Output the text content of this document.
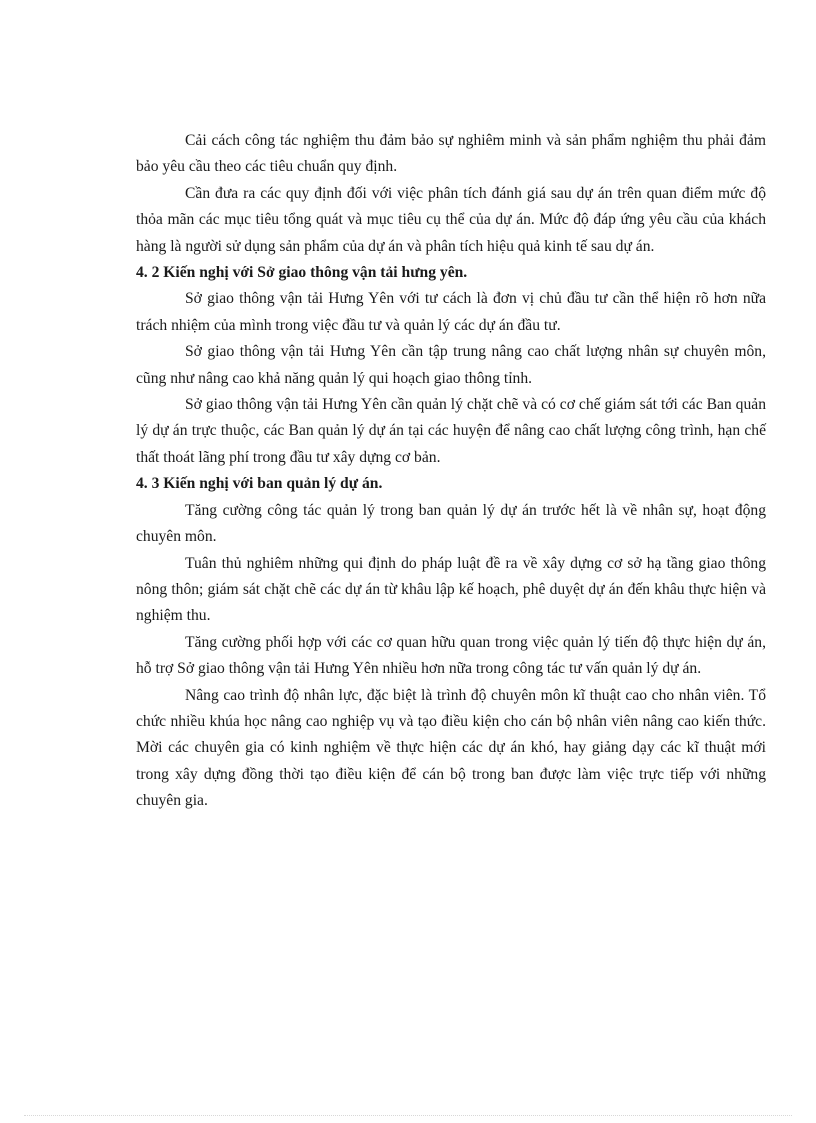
Cải cách công tác nghiệm thu đảm bảo sự nghiêm minh và sản phẩm nghiệm thu phải đảm bảo yêu cầu theo các tiêu chuẩn quy định.

Cần đưa ra các quy định đối với việc phân tích đánh giá sau dự án trên quan điểm mức độ thỏa mãn các mục tiêu tổng quát và mục tiêu cụ thể của dự án. Mức độ đáp ứng yêu cầu của khách hàng là người sử dụng sản phẩm của dự án và phân tích hiệu quả kinh tế sau dự án.

4. 2 Kiến nghị với Sở giao thông vận tải hưng yên.

Sở giao thông vận tải Hưng Yên với tư cách là đơn vị chủ đầu tư cần thể hiện rõ hơn nữa trách nhiệm của mình trong việc đầu tư và quản lý các dự án đầu tư.

Sở giao thông vận tải Hưng Yên cần tập trung nâng cao chất lượng nhân sự chuyên môn, cũng như nâng cao khả năng quản lý qui hoạch giao thông tỉnh.

Sở giao thông vận tải Hưng Yên cần quản lý chặt chẽ và có cơ chế giám sát tới các Ban quản lý dự án trực thuộc, các Ban quản lý dự án tại các huyện để nâng cao chất lượng công trình, hạn chế thất thoát lãng phí trong đầu tư xây dựng cơ bản.

4. 3 Kiến nghị với ban quản lý dự án.

Tăng cường công tác quản lý trong ban quản lý dự án trước hết là về nhân sự, hoạt động chuyên môn.

Tuân thủ nghiêm những qui định do pháp luật đề ra về xây dựng cơ sở hạ tầng giao thông nông thôn; giám sát chặt chẽ các dự án từ khâu lập kế hoạch, phê duyệt dự án đến khâu thực hiện và nghiệm thu.

Tăng cường phối hợp với các cơ quan hữu quan trong việc quản lý tiến độ thực hiện dự án, hỗ trợ Sở giao thông vận tải Hưng Yên nhiều hơn nữa trong công tác tư vấn quản lý dự án.

Nâng cao trình độ nhân lực, đặc biệt là trình độ chuyên môn kĩ thuật cao cho nhân viên. Tổ chức nhiều khúa học nâng cao nghiệp vụ và tạo điều kiện cho cán bộ nhân viên nâng cao kiến thức. Mời các chuyên gia có kinh nghiệm về thực hiện các dự án khó, hay giảng dạy các kĩ thuật mới trong xây dựng đồng thời tạo điều kiện để cán bộ trong ban được làm việc trực tiếp với những chuyên gia.
